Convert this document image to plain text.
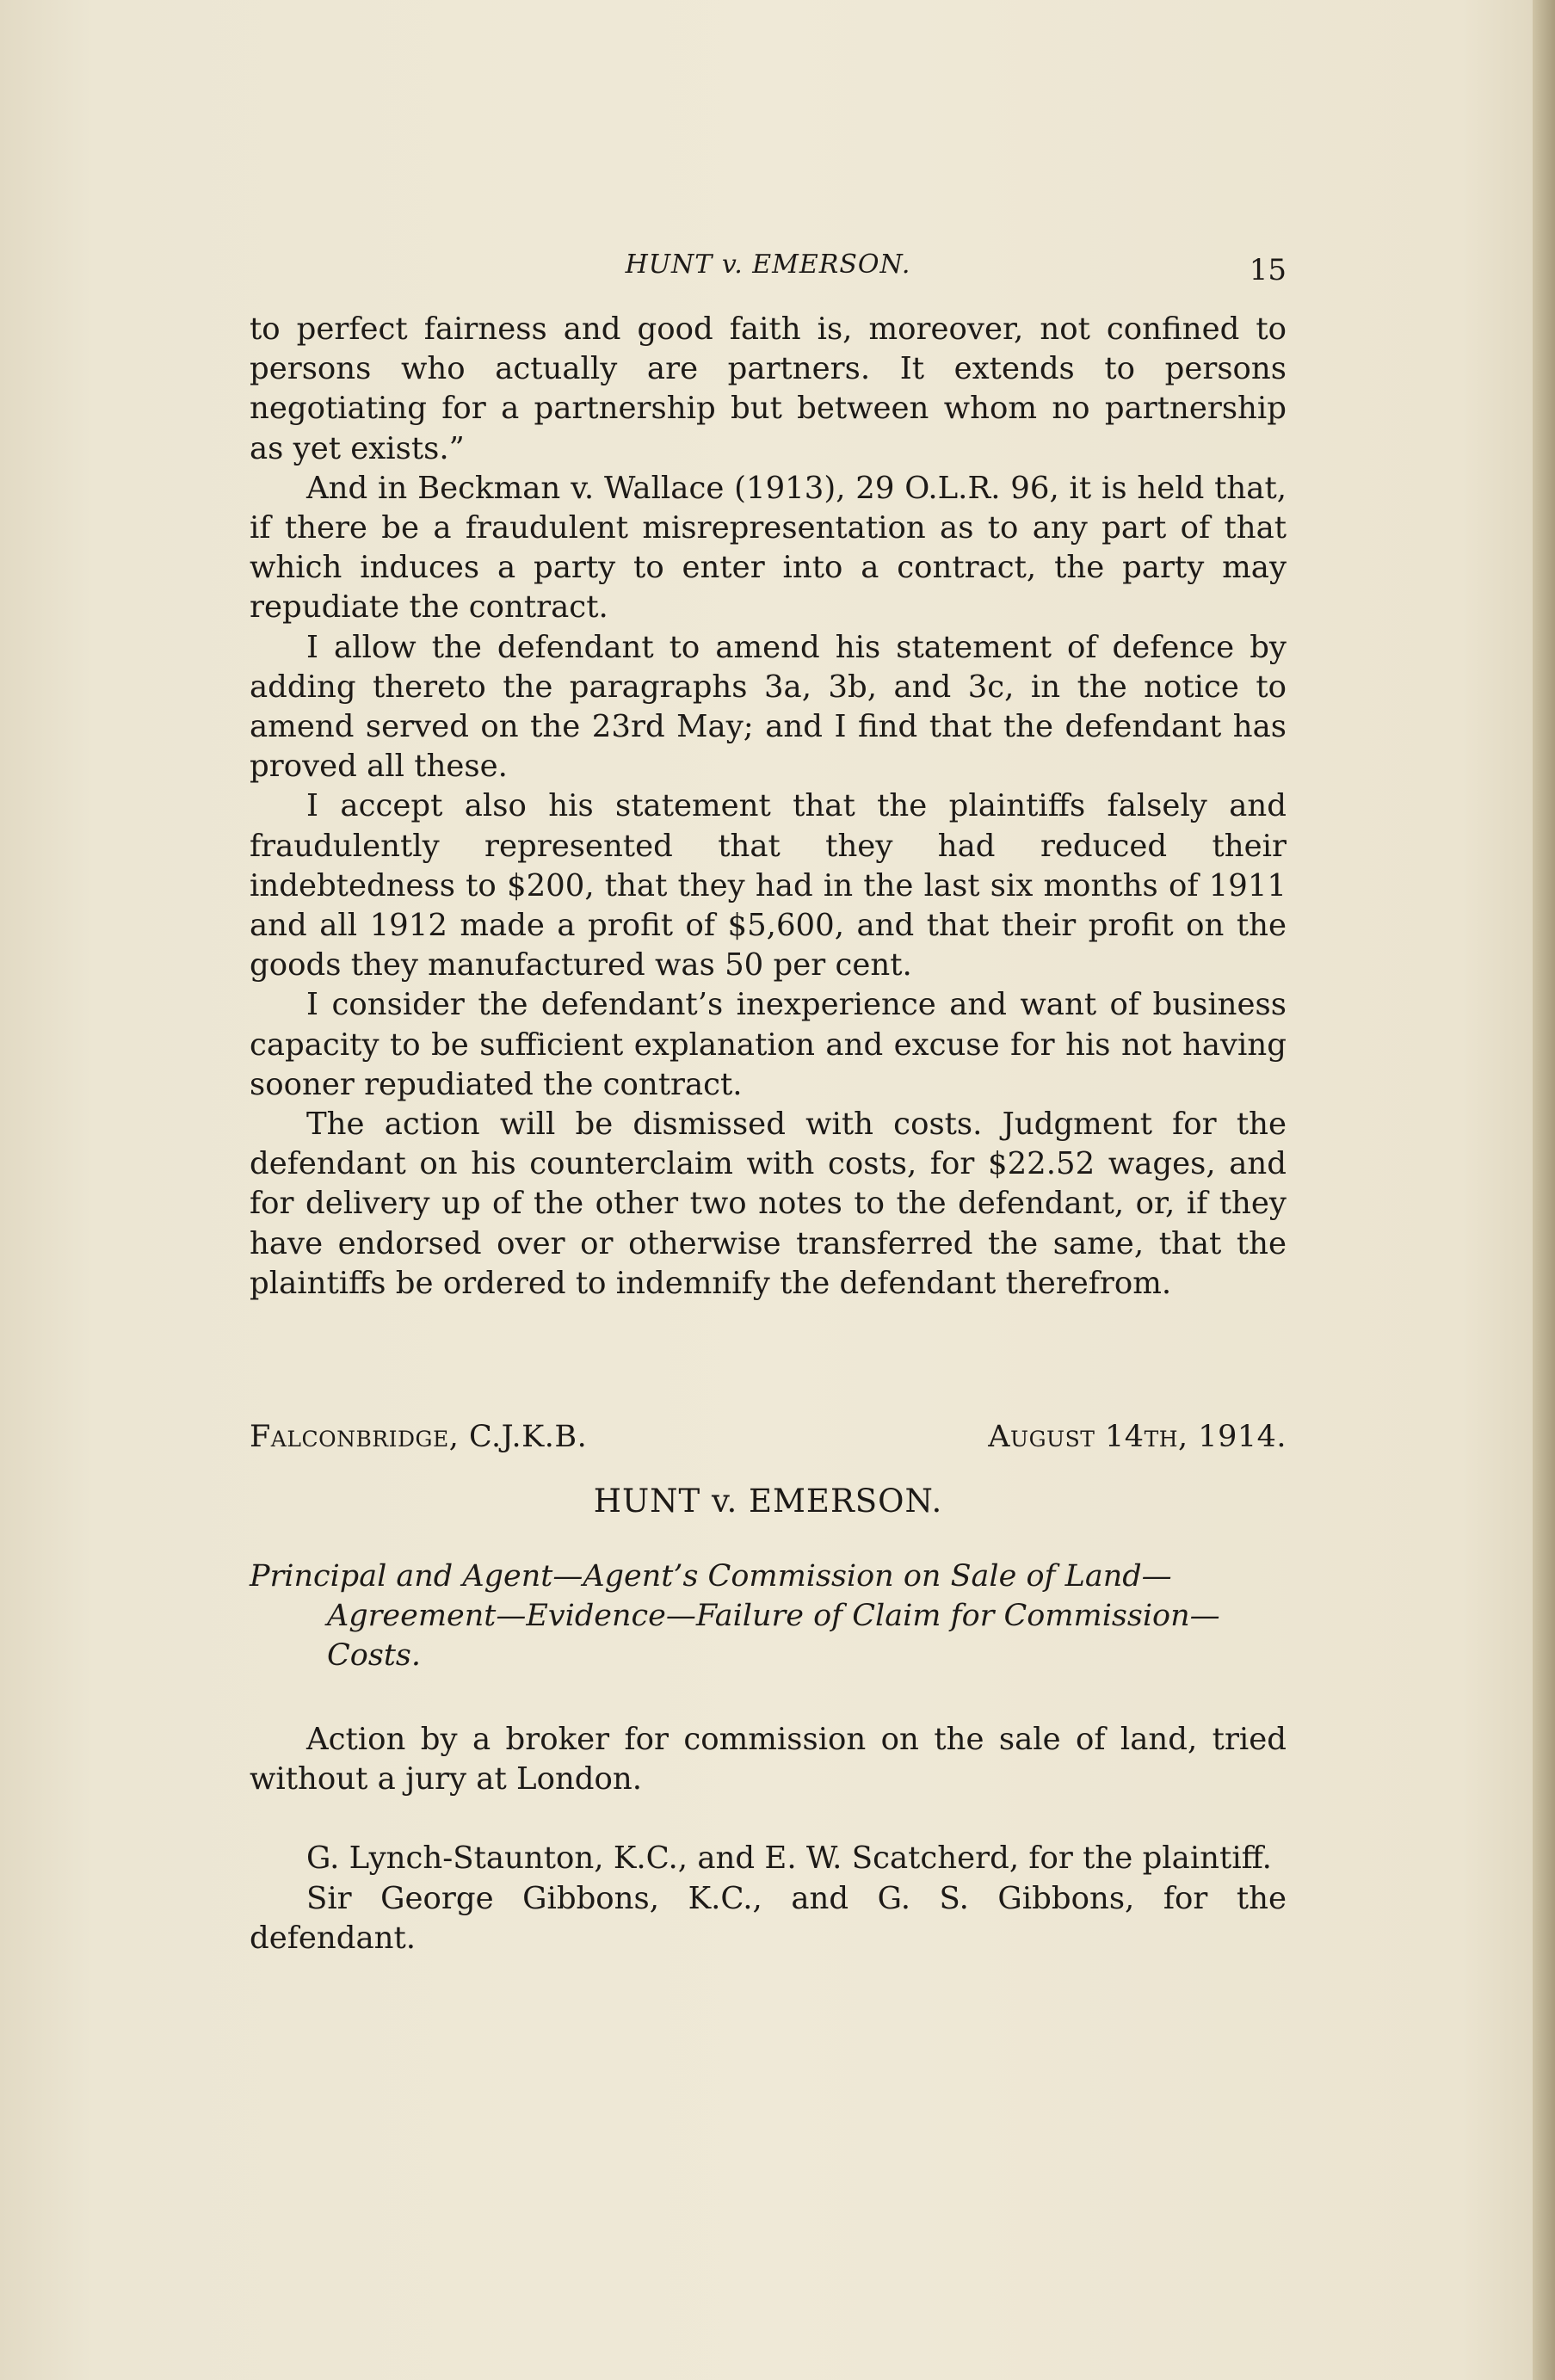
HUNT v. EMERSON.	15

to perfect fairness and good faith is, moreover, not confined to persons who actually are partners. It extends to persons negotiating for a partnership but between whom no partnership as yet exists.”

And in Beckman v. Wallace (1913), 29 O.L.R. 96, it is held that, if there be a fraudulent misrepresentation as to any part of that which induces a party to enter into a contract, the party may repudiate the contract.

I allow the defendant to amend his statement of defence by adding thereto the paragraphs 3a, 3b, and 3c, in the notice to amend served on the 23rd May; and I find that the defendant has proved all these.

I accept also his statement that the plaintiffs falsely and fraudulently represented that they had reduced their indebtedness to $200, that they had in the last six months of 1911 and all 1912 made a profit of $5,600, and that their profit on the goods they manufactured was 50 per cent.

I consider the defendant’s inexperience and want of business capacity to be sufficient explanation and excuse for his not having sooner repudiated the contract.

The action will be dismissed with costs. Judgment for the defendant on his counterclaim with costs, for $22.52 wages, and for delivery up of the other two notes to the defendant, or, if they have endorsed over or otherwise transferred the same, that the plaintiffs be ordered to indemnify the defendant therefrom.

Falconbridge, C.J.K.B.	August 14th, 1914.
HUNT v. EMERSON.
Principal and Agent—Agent’s Commission on Sale of Land—Agreement—Evidence—Failure of Claim for Commission—Costs.

Action by a broker for commission on the sale of land, tried without a jury at London.

G. Lynch-Staunton, K.C., and E. W. Scatcherd, for the plaintiff.

Sir George Gibbons, K.C., and G. S. Gibbons, for the defendant.
